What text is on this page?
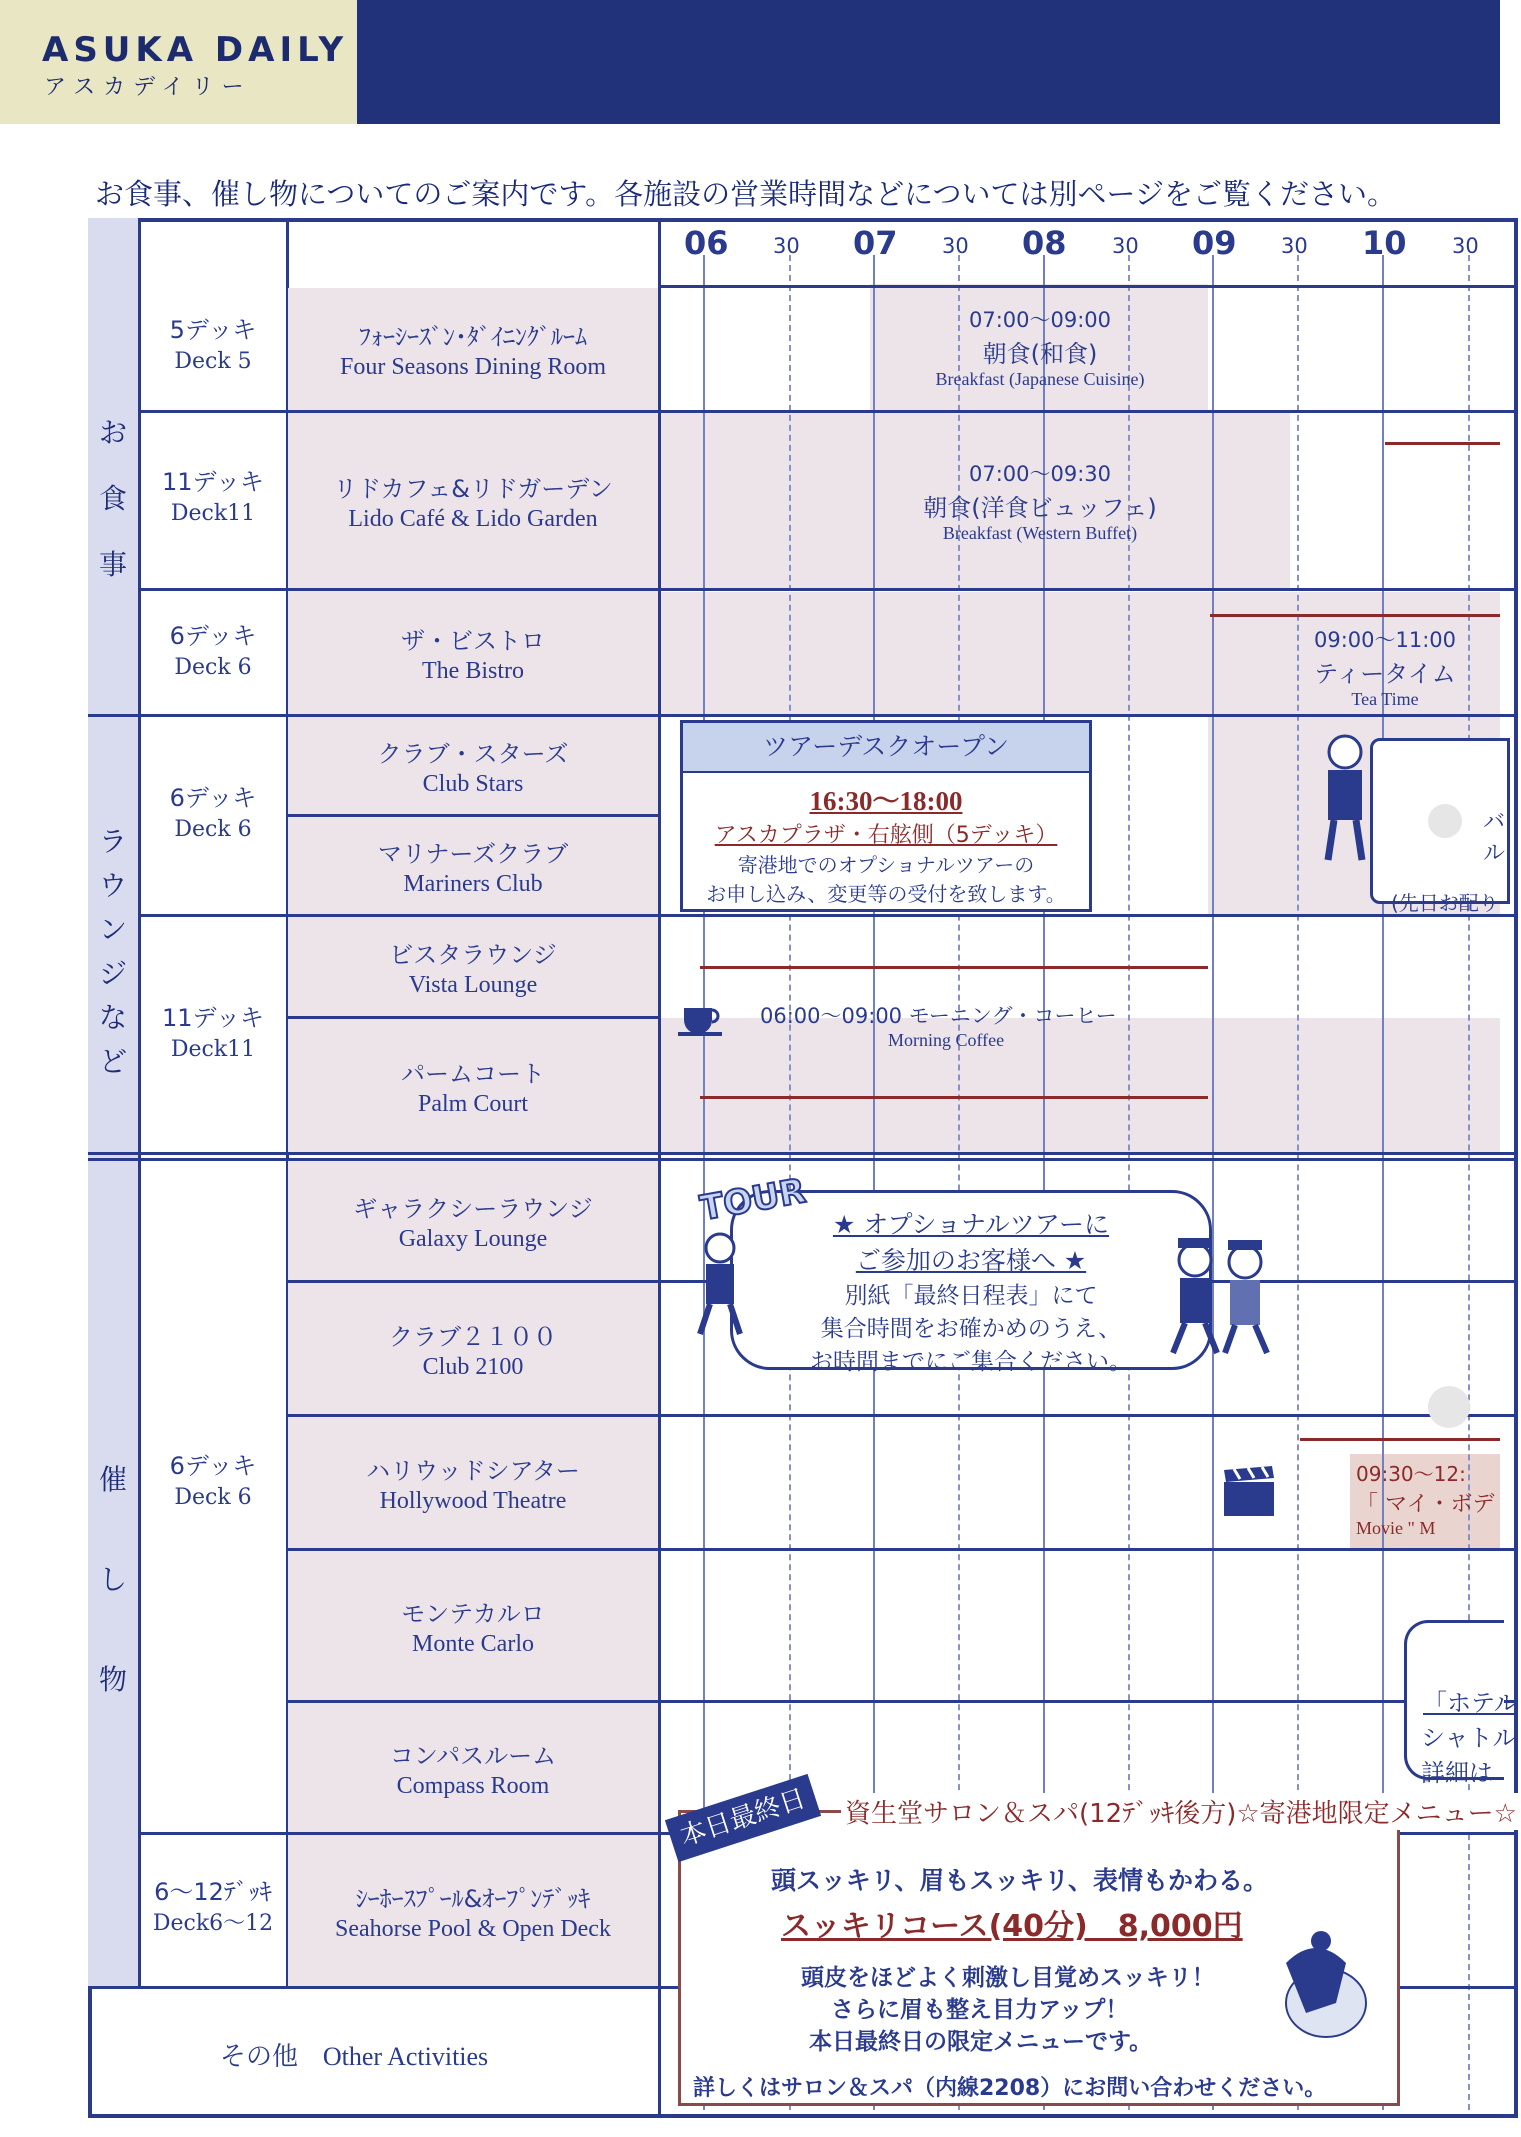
ASUKA DAILY
アスカデイリー
お食事、催し物についてのご案内です。各施設の営業時間などについては別ページをご覧ください。
06 30 07 30 08 30 09 30 10 30
お
食
事
ラ
ウ
ン
ジ
な
ど
催
し
物
5デッキ
Deck 5
11デッキ
Deck11
6デッキ
Deck 6
6デッキ
Deck 6
11デッキ
Deck11
6デッキ
Deck 6
6～12ﾃﾞｯｷ
Deck6～12
ﾌｫｰｼｰｽﾞﾝ･ﾀﾞｲﾆﾝｸﾞﾙｰﾑ
Four Seasons Dining Room
リドカフェ&リドガーデン
Lido Café & Lido Garden
ザ・ビストロ
The Bistro
クラブ・スターズ
Club Stars
マリナーズクラブ
Mariners Club
ビスタラウンジ
Vista Lounge
パームコート
Palm Court
ギャラクシーラウンジ
Galaxy Lounge
クラブ２１００
Club 2100
ハリウッドシアター
Hollywood Theatre
モンテカルロ
Monte Carlo
コンパスルーム
Compass Room
ｼｰﾎｰｽﾌﾟｰﾙ&ｵｰﾌﾟﾝﾃﾞｯｷ
Seahorse Pool & Open Deck
その他 Other Activities
07:00～09:00
朝食(和食)
Breakfast (Japanese Cuisine)
07:00～09:30
朝食(洋食ビュッフェ)
Breakfast (Western Buffet)
09:00～11:00
ティータイム
Tea Time
ツアーデスクオープン
16:30～18:00
アスカプラザ・右舷側（5デッキ）
寄港地でのオプショナルツアーの
お申し込み、変更等の受付を致します。
06:00～09:00 モーニング・コーヒー
Morning Coffee
★ オプショナルツアーに
ご参加のお客様へ ★
別紙「最終日程表」にて
集合時間をお確かめのうえ、
お時間までにご集合ください。
TOUR
バル
(先日お配り
09:30～12:
「 マイ・ボデ
Movie " M
「ホテル
シャトル
詳細は
資生堂サロン＆スパ(12ﾃﾞｯｷ後方)☆寄港地限定メニュー☆
頭スッキリ、眉もスッキリ、表情もかわる。
スッキリコース(40分)　8,000円
頭皮をほどよく刺激し目覚めスッキリ！
さらに眉も整え目力アップ！
本日最終日の限定メニューです。
詳しくはサロン＆スパ（内線2208）にお問い合わせください。
本日最終日
